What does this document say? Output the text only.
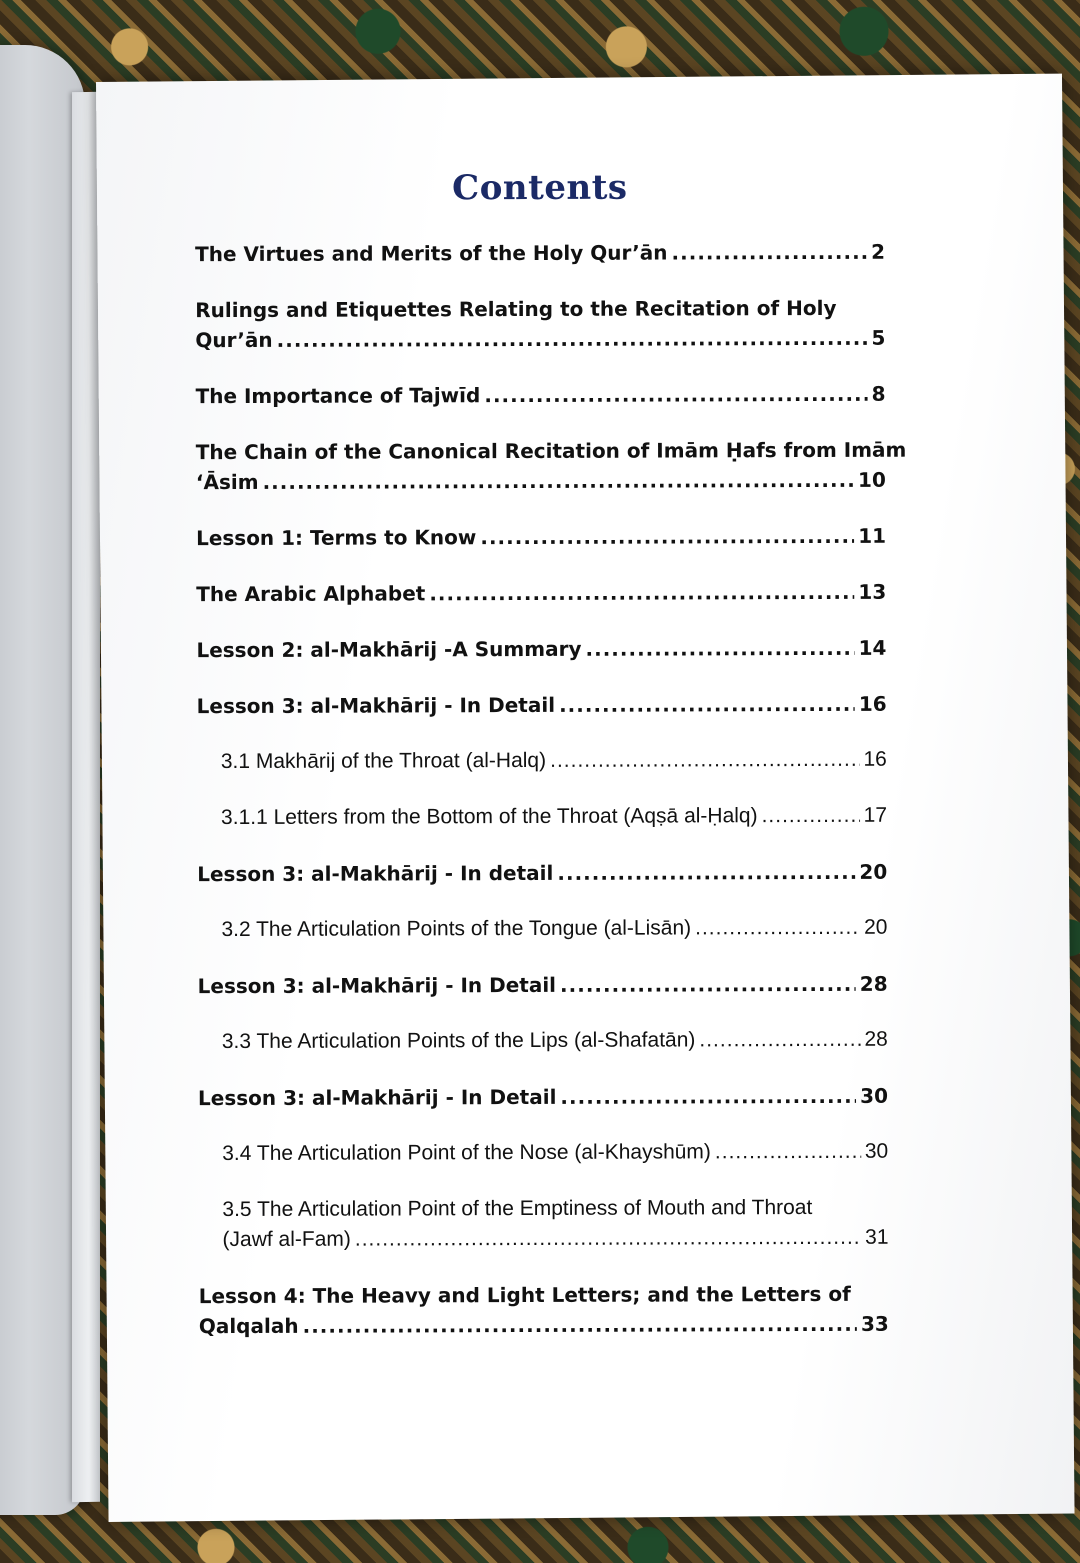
Contents
The Virtues and Merits of the Holy Qur’ān .....	2
Rulings and Etiquettes Relating to the Recitation of Holy
Qur’ān .....	5
The Importance of Tajwīd .....	8
The Chain of the Canonical Recitation of Imām Ḥafs from Imām
‘Āsim .....	10
Lesson 1: Terms to Know .....	11
The Arabic Alphabet .....	13
Lesson 2: al-Makhārij -A Summary .....	14
Lesson 3: al-Makhārij - In Detail .....	16
3.1 Makhārij of the Throat (al-Halq) .....	16
3.1.1 Letters from the Bottom of the Throat (Aqṣā al-Ḥalq) .....	17
Lesson 3: al-Makhārij - In detail .....	20
3.2 The Articulation Points of the Tongue (al-Lisān) .....	20
Lesson 3: al-Makhārij - In Detail .....	28
3.3 The Articulation Points of the Lips (al-Shafatān) .....	28
Lesson 3: al-Makhārij - In Detail .....	30
3.4 The Articulation Point of the Nose (al-Khayshūm) .....	30
3.5 The Articulation Point of the Emptiness of Mouth and Throat
(Jawf al-Fam) .....	31
Lesson 4: The Heavy and Light Letters; and the Letters of
Qalqalah .....	33
